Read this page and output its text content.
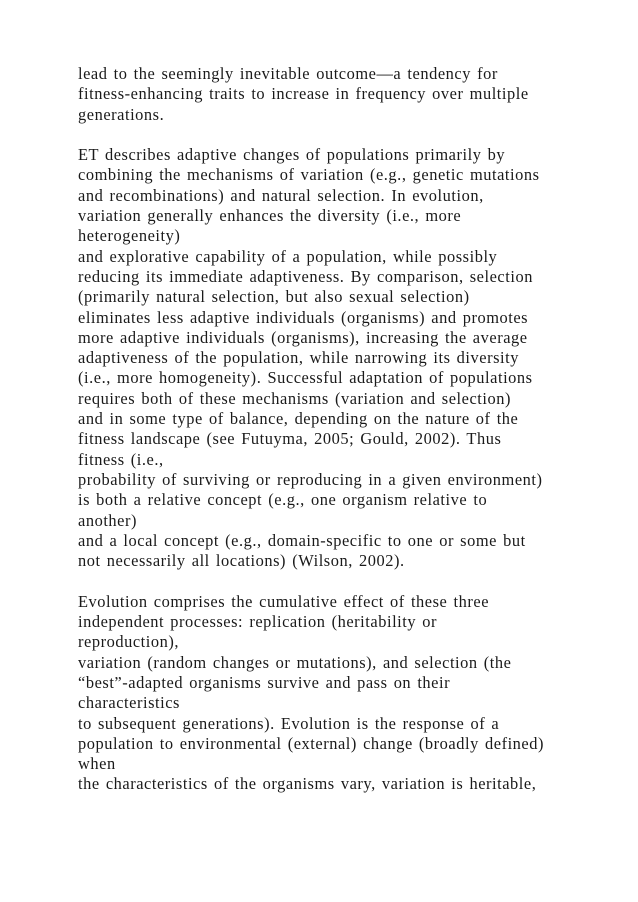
lead to the seemingly inevitable outcome—a tendency for
fitness-enhancing traits to increase in frequency over multiple
generations.
ET describes adaptive changes of populations primarily by
combining the mechanisms of variation (e.g., genetic mutations
and recombinations) and natural selection. In evolution,
variation generally enhances the diversity (i.e., more
heterogeneity)
and explorative capability of a population, while possibly
reducing its immediate adaptiveness. By comparison, selection
(primarily natural selection, but also sexual selection)
eliminates less adaptive individuals (organisms) and promotes
more adaptive individuals (organisms), increasing the average
adaptiveness of the population, while narrowing its diversity
(i.e., more homogeneity). Successful adaptation of populations
requires both of these mechanisms (variation and selection)
and in some type of balance, depending on the nature of the
fitness landscape (see Futuyma, 2005; Gould, 2002). Thus
fitness (i.e.,
probability of surviving or reproducing in a given environment)
is both a relative concept (e.g., one organism relative to
another)
and a local concept (e.g., domain-specific to one or some but
not necessarily all locations) (Wilson, 2002).
Evolution comprises the cumulative effect of these three
independent processes: replication (heritability or
reproduction),
variation (random changes or mutations), and selection (the
“best”-adapted organisms survive and pass on their
characteristics
to subsequent generations). Evolution is the response of a
population to environmental (external) change (broadly defined)
when
the characteristics of the organisms vary, variation is heritable,
